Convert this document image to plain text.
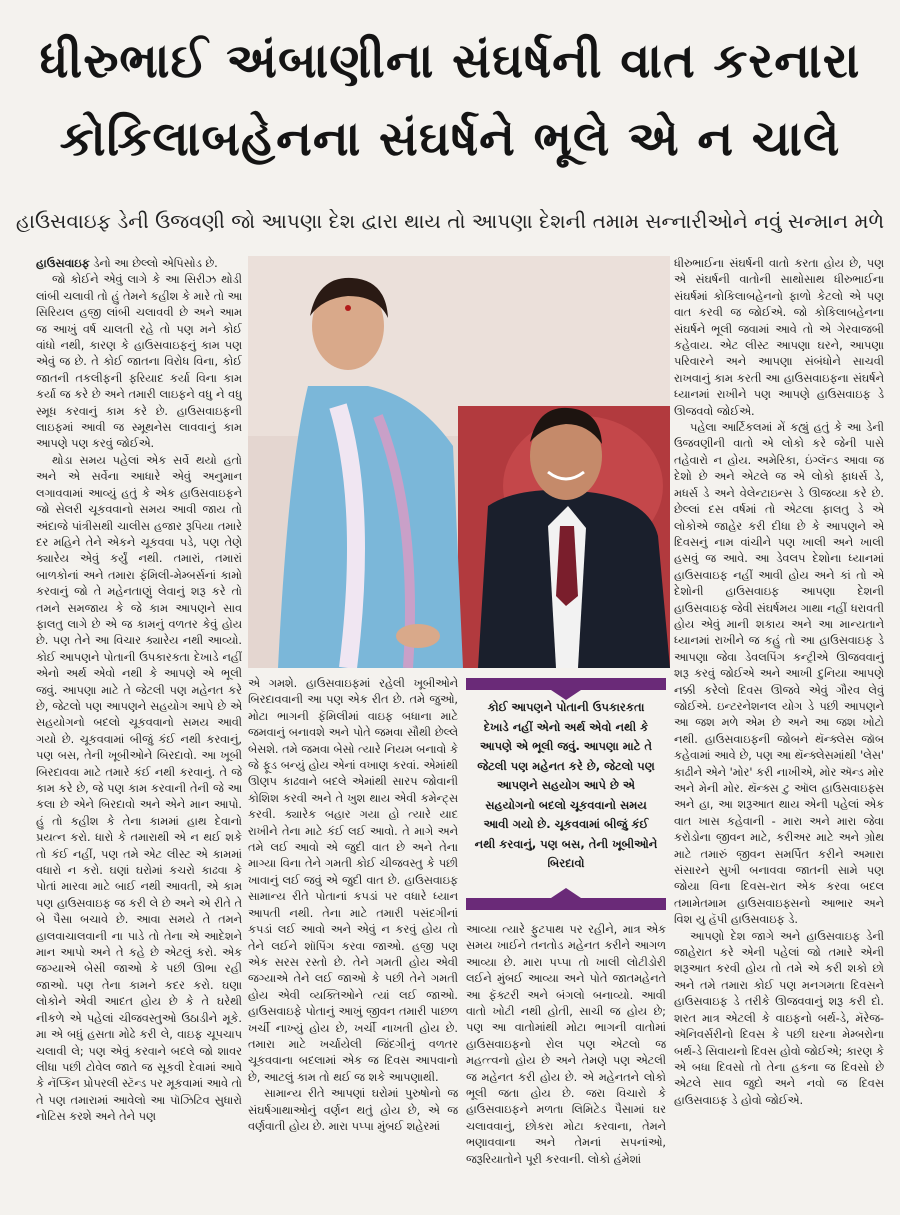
ધીરુભાઈ અંબાણીના સંઘર્ષની વાત કરનારા
કોકિલાબહેનના સંઘર્ષને ભૂલે એ ન ચાલે
હાઉસવાઇફ ડેની ઉજવણી જો આપણા દેશ દ્વારા થાય તો આપણા દેશની તમામ સન્નારીઓને નવું સન્માન મળે

હાઉસવાઇફ ડેનો આ છેલ્લો એપિસોડ છે.

જો કોઈને એવું લાગે કે આ સિરીઝ થોડી લાંબી ચલાવી તો હું તેમને કહીશ કે મારે તો આ સિરિયલ હજી લાંબી ચલાવવી છે અને આમ જ આખું વર્ષ ચાલતી રહે તો પણ મને કોઈ વાંધો નથી, કારણ કે હાઉસવાઇફનું કામ પણ એવું જ છે. તે કોઈ જાતના વિરોધ વિના, કોઈ જાતની તકલીફની ફરિયાદ કર્યા વિના કામ કર્યા જ કરે છે અને તમારી લાઇફને વધુ ને વધુ સ્મૂધ કરવાનું કામ કરે છે. હાઉસવાઇફની લાઇફમાં આવી જ સ્મૂથનેસ લાવવાનું કામ આપણે પણ કરવું જોઈએ.

થોડા સમય પહેલાં એક સર્વે થયો હતો અને એ સર્વેના આધારે એવું અનુમાન લગાવવામાં આવ્યું હતું કે એક હાઉસવાઇફને જો સેલરી ચૂકવવાનો સમય આવી જાય તો અંદાજે પાંત્રીસથી ચાલીસ હજાર રૂપિયા તમારે દર મહિને તેને એકને ચૂકવવા પડે, પણ તેણે ક્યારેય એવું કર્યું નથી. તમારાં, તમારાં બાળકોનાં અને તમારા ફૅમિલી-મેમ્બર્સનાં કામો કરવાનું જો તે મહેનતાણું લેવાનું શરૂ કરે તો તમને સમજાય કે જે કામ આપણને સાવ ફાલતુ લાગે છે એ જ કામનું વળતર કેવું હોય છે. પણ તેને આ વિચાર ક્યારેય નથી આવ્યો. કોઈ આપણને પોતાની ઉપકારકતા દેખાડે નહીં એનો અર્થ એવો નથી કે આપણે એ ભૂલી જવું. આપણા માટે તે જેટલી પણ મહેનત કરે છે, જેટલો પણ આપણને સહયોગ આપે છે એ સહયોગનો બદલો ચૂકવવાનો સમય આવી ગયો છે. ચૂકવવામાં બીજું કંઈ નથી કરવાનું, પણ બસ, તેની ખૂબીઓને બિરદાવો. આ ખૂબી બિરદાવવા માટે તમારે કંઈ નથી કરવાનું. તે જે કામ કરે છે, જે પણ કામ કરવાની તેની જે આ કલા છે એને બિરદાવો અને એને માન આપો. હું તો કહીશ કે તેના કામમાં હાથ દેવાનો પ્રયત્ન કરો. ધારો કે તમારાથી એ ન થઈ શકે તો કંઈ નહીં, પણ તમે એટ લીસ્ટ એ કામમાં વધારો ન કરો. ઘણાં ઘરોમાં કચરો કાઢવા કે પોતાં મારવા માટે બાઈ નથી આવતી, એ કામ પણ હાઉસવાઇફ જ કરી લે છે અને એ રીતે તે બે પૈસા બચાવે છે. આવા સમયે તે તમને હાલવાચાલવાની ના પાડે તો તેના એ આદેશને માન આપો અને તે કહે છે એટલું કરો. એક જગ્યાએ બેસી જાઓ કે પછી ઊભા રહી જાઓ. પણ તેના કામને કદર કરો. ઘણા લોકોને એવી આદત હોય છે કે તે ઘરેથી નીકળે એ પહેલાં ચીજવસ્તુઓ ઉઠાડીને મૂકે. મા એ બધું હસતા મોઢે કરી લે, વાઇફ ચૂપચાપ ચલાવી લે; પણ એવું કરવાને બદલે જો શાવર લીધા પછી ટોવેલ જાતે જ સૂકવી દેવામાં આવે કે નૅપ્કિન પ્રોપરલી સ્ટૅન્ડ પર મૂકવામાં આવે તો તે પણ તમારામાં આવેલો આ પૉઝિટિવ સુધારો નોટિસ કરશે અને તેને પણ

એ ગમશે. હાઉસવાઇફમાં રહેલી ખૂબીઓને બિરદાવવાની આ પણ એક રીત છે. તમે જુઓ, મોટા ભાગની ફૅમિલીમાં વાઇફ બધાના માટે જમવાનું બનાવશે અને પોતે જમવા સૌથી છેલ્લે બેસશે. તમે જમવા બેસો ત્યારે નિયમ બનાવો કે જે ફૂડ બન્યું હોય એનાં વખાણ કરવાં. એમાંથી ઊણપ કાઢવાને બદલે એમાંથી સારપ જોવાની કોશિશ કરવી અને તે ખુશ થાય એવી કમેન્ટ્સ કરવી. ક્યારેક બહાર ગયા હો ત્યારે યાદ રાખીને તેના માટે કંઈ લઈ આવો. તે માગે અને તમે લઈ આવો એ જુદી વાત છે અને તેના માગ્યા વિના તેને ગમતી કોઈ ચીજવસ્તુ કે પછી ખાવાનું લઈ જવું એ જુદી વાત છે. હાઉસવાઇફ સામાન્ય રીતે પોતાનાં કપડાં પર વધારે ધ્યાન આપતી નથી. તેના માટે તમારી પસંદગીનાં કપડાં લઈ આવો અને એવું ન કરવું હોય તો તેને લઈને શૉપિંગ કરવા જાઓ. હજી પણ એક સરસ રસ્તો છે. તેને ગમતી હોય એવી જગ્યાએ તેને લઈ જાઓ કે પછી તેને ગમતી હોય એવી વ્યક્તિઓને ત્યાં લઈ જાઓ. હાઉસવાઇફે પોતાનું આખું જીવન તમારી પાછળ ખર્ચી નાખ્યું હોય છે, ખર્ચી નાખતી હોય છે. તમારા માટે ખર્ચાયેલી જિંદગીનું વળતર ચૂકવવાના બદલામાં એક જ દિવસ આપવાનો છે, આટલું કામ તો થઈ જ શકે આપણાથી.

સામાન્ય રીતે આપણાં ઘરોમાં પુરુષોનો જ સંઘર્ષગાથાઓનું વર્ણન થતું હોય છે, એ જ વર્ણવાતી હોય છે. મારા પપ્પા મુંબઈ શહેરમાં

કોઈ આપણને પોતાની ઉપકારકતા દેખાડે નહીં એનો અર્થ એવો નથી કે આપણે એ ભૂલી જવું. આપણા માટે તે જેટલી પણ મહેનત કરે છે, જેટલો પણ આપણને સહયોગ આપે છે એ સહયોગનો બદલો ચૂકવવાનો સમય આવી ગયો છે. ચૂકવવામાં બીજું કંઈ નથી કરવાનું, પણ બસ, તેની ખૂબીઓને બિરદાવો

આવ્યા ત્યારે ફુટપાથ પર રહીને, માત્ર એક સમય ખાઈને તનતોડ મહેનત કરીને આગળ આવ્યા છે. મારા પપ્પા તો ખાલી લોટીડોરી લઈને મુંબઈ આવ્યા અને પોતે જાતમહેનતે આ ફૅક્ટરી અને બંગલો બનાવ્યો. આવી વાતો ખોટી નથી હોતી, સાચી જ હોય છે; પણ આ વાતોમાંથી મોટા ભાગની વાતોમાં હાઉસવાઇફનો રોલ પણ એટલો જ મહત્ત્વનો હોય છે અને તેમણે પણ એટલી જ મહેનત કરી હોય છે. એ મહેનતને લોકો ભૂલી જતા હોય છે. જરા વિચારો કે હાઉસવાઇફને મળતા લિમિટેડ પૈસામાં ઘર ચલાવવાનું, છોકરા મોટા કરવાના, તેમને ભણાવવાના અને તેમનાં સપનાંઓ, જરૂરિયાતોને પૂરી કરવાની. લોકો હંમેશાં

ધીરુભાઈના સંઘર્ષની વાતો કરતા હોય છે, પણ એ સંઘર્ષની વાતોની સાથોસાથ ધીરુભાઈના સંઘર્ષમાં કોકિલાબહેનનો ફાળો કેટલો એ પણ વાત કરવી જ જોઈએ. જો કોકિલાબહેનના સંઘર્ષને ભૂલી જવામાં આવે તો એ ગેરવાજબી કહેવાય. એટ લીસ્ટ આપણા ઘરને, આપણા પરિવારને અને આપણા સંબંધોને સાચવી રાખવાનું કામ કરતી આ હાઉસવાઇફના સંઘર્ષને ધ્યાનમાં રાખીને પણ આપણે હાઉસવાઇફ ડે ઊજવવો જોઈએ.

પહેલા આર્ટિકલમાં મેં કહ્યું હતું કે આ ડેની ઉજવણીની વાતો એ લોકો કરે જેની પાસે તહેવારો ન હોય. અમેરિકા, ઇંગ્લૅન્ડ આવા જ દેશો છે અને એટલે જ એ લોકો ફાધર્સ ડે, મધર્સ ડે અને વેલેન્ટાઇન્સ ડે ઊજવ્યા કરે છે. છેલ્લાં દસ વર્ષમાં તો એટલા ફાલતુ ડે એ લોકોએ જાહેર કરી દીધા છે કે આપણને એ દિવસનું નામ વાંચીને પણ ખાલી અને ખાલી હસવું જ આવે. આ ડેવલપ દેશોના ધ્યાનમાં હાઉસવાઇફ નહીં આવી હોય અને કાં તો એ દેશોની હાઉસવાઇફ આપણા દેશની હાઉસવાઇફ જેવી સંઘર્ષમય ગાથા નહીં ધરાવતી હોય એવું માની શકાય અને આ માન્યતાને ધ્યાનમાં રાખીને જ કહું તો આ હાઉસવાઇફ ડે આપણા જેવા ડેવલપિંગ કન્ટ્રીએ ઊજવવાનું શરૂ કરવું જોઈએ અને આખી દુનિયા આપણે નક્કી કરેલો દિવસ ઊજવે એવું ગૌરવ લેવું જોઈએ. ઇન્ટરનેશનલ યોગ ડે પછી આપણને આ જશ મળે એમ છે અને આ જશ ખોટો નથી. હાઉસવાઇફની જોબને થૅન્ક્લેસ જૉબ કહેવામાં આવે છે, પણ આ થૅન્ક્લેસમાંથી 'લેસ' કાઢીને એને 'મોર' કરી નાખીએ, મોર ઍન્ડ મોર અને મેની મોર. થૅન્ક્સ ટુ ઑલ હાઉસવાઇફ્સ અને હા, આ શરૂઆત થાય એની પહેલાં એક વાત ખાસ કહેવાની - મારા અને મારા જેવા કરોડોના જીવન માટે, કરીઅર માટે અને ગ્રોથ માટે તમારું જીવન સમર્પિત કરીને અમારા સંસારને સુખી બનાવવા જાતની સામે પણ જોયા વિના દિવસ-રાત એક કરવા બદલ તમામેતમામ હાઉસવાઇફ્સનો આભાર અને વિશ યુ હૅપી હાઉસવાઇફ ડે.

આપણો દેશ જાગે અને હાઉસવાઇફ ડેની જાહેરાત કરે એની પહેલાં જો તમારે એની શરૂઆત કરવી હોય તો તમે એ કરી શકો છો અને તમે તમારા કોઈ પણ મનગમતા દિવસને હાઉસવાઇફ ડે તરીકે ઊજવવાનું શરૂ કરી દો. શરત માત્ર એટલી કે વાઇફનો બર્થ-ડે, મૅરેજ-ઍનિવર્સરીનો દિવસ કે પછી ઘરના મેમ્બરોના બર્થ-ડે સિવાયનો દિવસ હોવો જોઈએ; કારણ કે એ બધા દિવસો તો તેના હકના જ દિવસો છે એટલે સાવ જુદો અને નવો જ દિવસ હાઉસવાઇફ ડે હોવો જોઈએ.
